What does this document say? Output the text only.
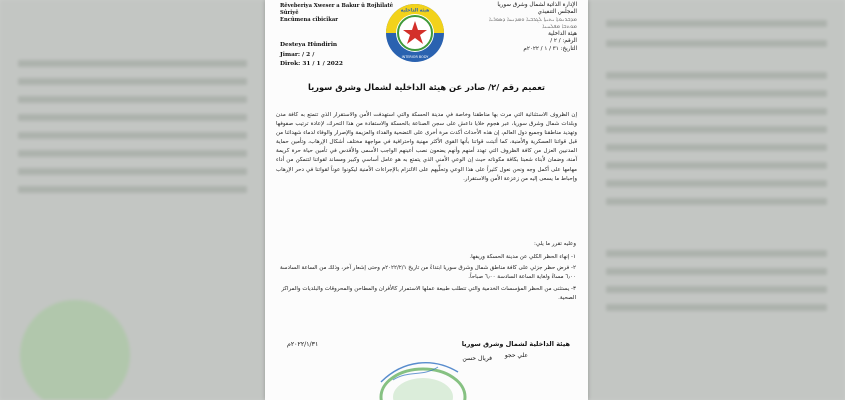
Rêveberiya Xweser a Bakur û Rojhilatê Sûriyê
Encûmena cîbicîkar
Desteya Hûndirîn
Jimar: / 2 /
Dîrok: 31 / 1 / 2022
هيئة الداخلية
INTERIOR BODY
الإدارة الذاتية لشمال وشرق سوريا
المجلس التنفيذي
ܡܕܒܪܢܘܬܐ ܝܬܝܬܐ ܠܓܪܒܝܐ ܘܡܕܢܚܐ ܕܣܘܪܝܐ
ܡܘܬܒܐ ܡܦܠܚܢܐ
هيئة الداخلية
الرقم: / ٢ /
التاريخ: ٣١ / ١ / ٢٠٢٢م
تعميم رقم /٢/ صادر عن هيئة الداخلية لشمال وشرق سوريا
إن الظروف الاستثنائية التي مرت بها مناطقنا وخاصة في مدينة الحسكة والتي استهدفت الأمن والاستقرار الذي تتمتع به كافة مدن وبلدات شمال وشرق سوريا، عبر هجوم خلايا داعش على سجن الصناعة بالحسكة والاستفادة من هذا التحرك، لإعادة ترتيب صفوفها وتهديد مناطقنا وجميع دول العالم، إن هذه الأحداث أكدت مرة أخرى على التضحية والفداء والعزيمة والإصرار والوفاء لدماء شهدائنا من قبل قواتنا العسكرية والأمنية، كما أثبتت قواتنا بأنها القوى الأكثر مهنية واحترافية في مواجهة مختلف أشكال الإرهاب، وتأمين حماية المدنيين العزل من كافة الظروف التي تهدد أمنهم وأنهم يضعون نصب أعينهم الواجب الأسمى والأقدس في تأمين حياة حرة كريمة آمنة، وضمان لأبناء شعبنا بكافة مكوناته حيث إن الوعي الأمني الذي يتمتع به هو عامل أساسي وكبير ومساند لقواتنا لتتمكن من أداء مهامها على أكمل وجه ونحن نعول كثيراً على هذا الوعي وتحلِّيهم على الالتزام بالإجراءات الأمنية ليكونوا عوناً لقواتنا في دحر الإرهاب وإحباط ما يسعى إليه من زعزعة الأمن والاستقرار.
وعليه تقرر ما يلي:
١- إنهاء الحظر الكلي عن مدينة الحسكة وريفها.
٢- فرض حظر جزئي على كافة مناطق شمال وشرق سوريا ابتداءً من تاريخ ٢٠٢٢/٢/١م وحتى إشعار آخر، وذلك من الساعة السادسة ٦٫٠٠ مساءً ولغاية الساعة السادسة ٦٫٠٠ صباحاً.
٣- يستثنى من الحظر المؤسسات الخدمية والتي تتطلب طبيعة عملها الاستمرار كالأفران والمطاحن والمحروقات والبلديات والمراكز الصحية.
هيئة الداخلية لشمال وشرق سوريا
٢٠٢٢/١/٣١م
علي حجو
فريال حسن
